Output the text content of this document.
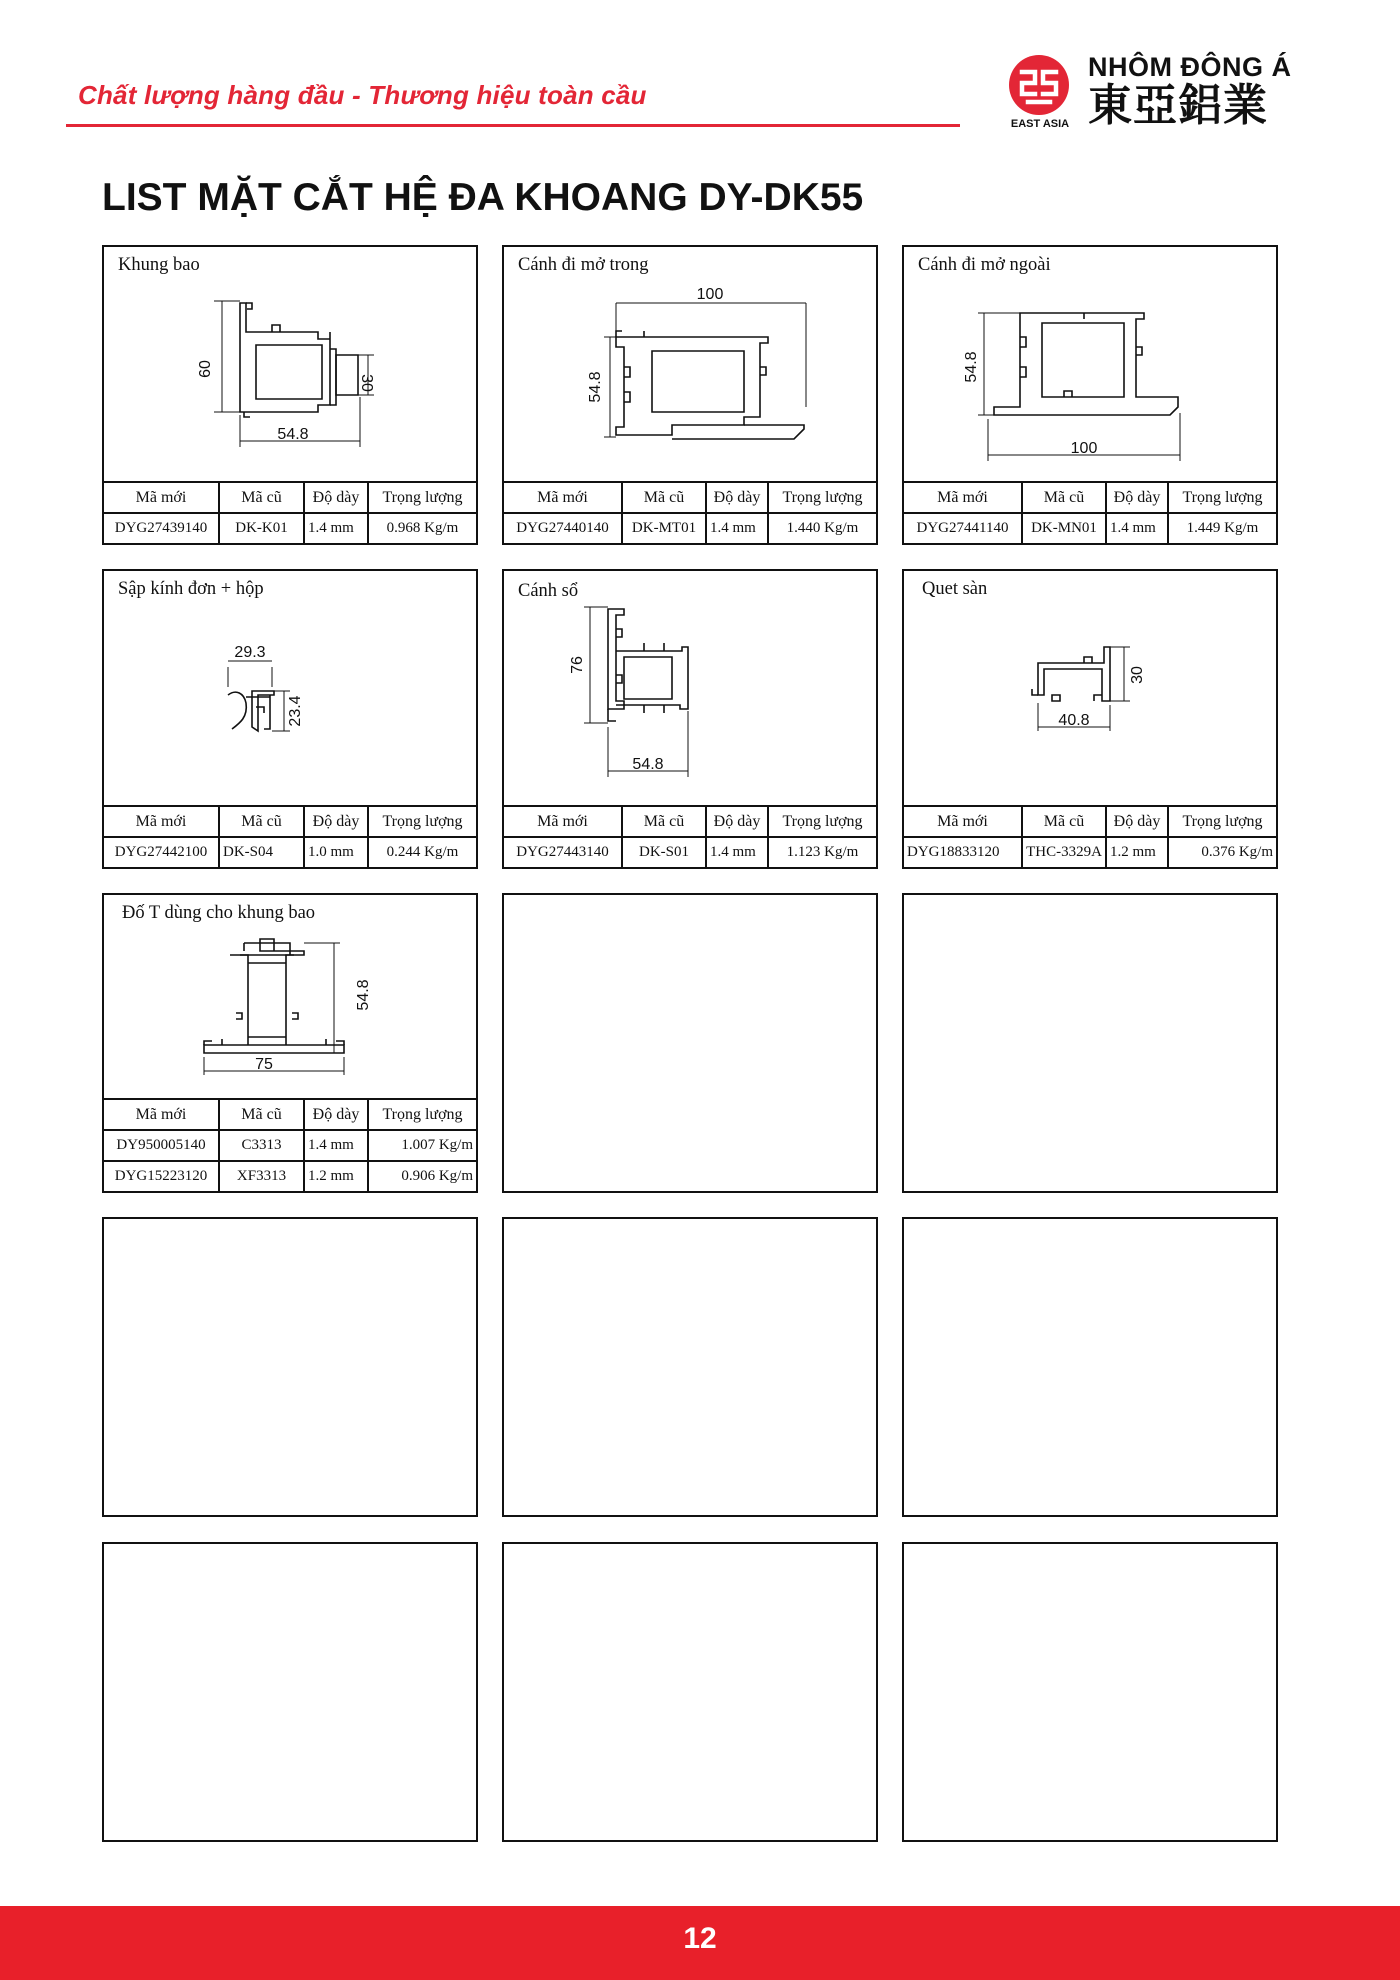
Chất lượng hàng đầu - Thương hiệu toàn cầu
EAST ASIA
NHÔM ĐÔNG Á
東亞鋁業
LIST MẶT CẮT HỆ ĐA KHOANG DY-DK55
60
30
54.8
Khung bao
Mã mới	Mã cũ	Độ dày	Trọng lượng
DYG27439140	DK-K01	1.4 mm	0.968 Kg/m
100
54.8
Cánh đi mở trong
Mã mới	Mã cũ	Độ dày	Trọng lượng
DYG27440140	DK-MT01	1.4 mm	1.440 Kg/m
54.8
100
Cánh đi mở ngoài
Mã mới	Mã cũ	Độ dày	Trọng lượng
DYG27441140	DK-MN01	1.4 mm	1.449 Kg/m
29.3
23.4
Sập kính đơn + hộp
Mã mới	Mã cũ	Độ dày	Trọng lượng
DYG27442100	DK-S04	1.0 mm	0.244 Kg/m
76
54.8
Cánh sổ
Mã mới	Mã cũ	Độ dày	Trọng lượng
DYG27443140	DK-S01	1.4 mm	1.123 Kg/m
30
40.8
Quet sàn
Mã mới	Mã cũ	Độ dày	Trọng lượng
DYG18833120	THC-3329A	1.2 mm	0.376 Kg/m
54.8
75
Đố T dùng cho khung bao
Mã mới	Mã cũ	Độ dày	Trọng lượng
DY950005140	C3313	1.4 mm	1.007 Kg/m
DYG15223120	XF3313	1.2 mm	0.906 Kg/m
12
